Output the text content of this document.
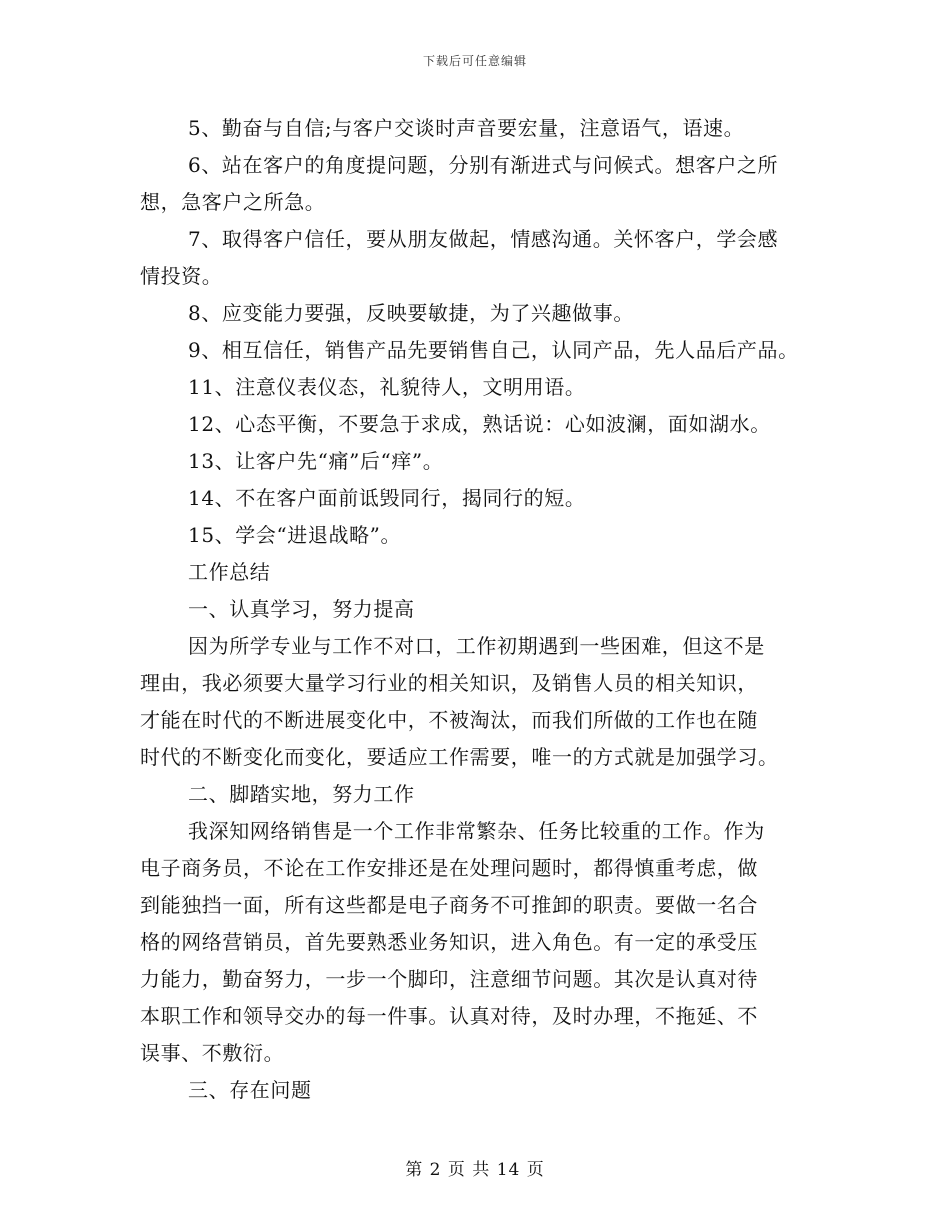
下载后可任意编辑
5、勤奋与自信;与客户交谈时声音要宏量，注意语气，语速。
6、站在客户的角度提问题，分别有渐进式与问候式。想客户之所
想，急客户之所急。
7、取得客户信任，要从朋友做起，情感沟通。关怀客户，学会感
情投资。
8、应变能力要强，反映要敏捷，为了兴趣做事。
9、相互信任，销售产品先要销售自己，认同产品，先人品后产品。
11、注意仪表仪态，礼貌待人，文明用语。
12、心态平衡，不要急于求成，熟话说：心如波澜，面如湖水。
13、让客户先“痛”后“痒”。
14、不在客户面前诋毁同行，揭同行的短。
15、学会“进退战略”。
工作总结
一、认真学习，努力提高
因为所学专业与工作不对口，工作初期遇到一些困难，但这不是
理由，我必须要大量学习行业的相关知识，及销售人员的相关知识，
才能在时代的不断进展变化中，不被淘汰，而我们所做的工作也在随
时代的不断变化而变化，要适应工作需要，唯一的方式就是加强学习。
二、脚踏实地，努力工作
我深知网络销售是一个工作非常繁杂、任务比较重的工作。作为
电子商务员，不论在工作安排还是在处理问题时，都得慎重考虑，做
到能独挡一面，所有这些都是电子商务不可推卸的职责。要做一名合
格的网络营销员，首先要熟悉业务知识，进入角色。有一定的承受压
力能力，勤奋努力，一步一个脚印，注意细节问题。其次是认真对待
本职工作和领导交办的每一件事。认真对待，及时办理，不拖延、不
误事、不敷衍。
三、存在问题
第 2 页 共 14 页
